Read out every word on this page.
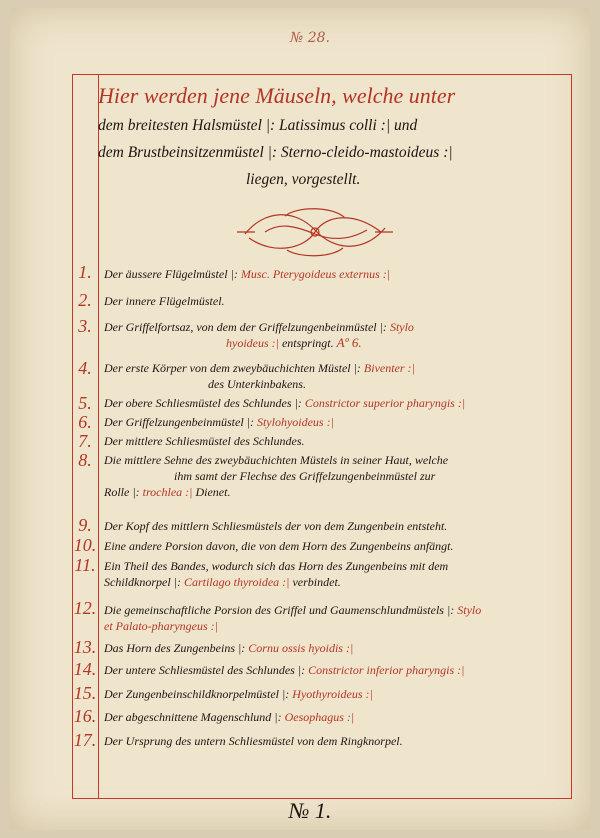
№ 28.
Hier werden jene Mäuseln, welche unter
dem breitesten Halsmüstel |: Latissimus colli :| und
dem Brustbeinsitzenmüstel |: Sterno-cleido-mastoideus :|
liegen, vorgestellt.
1.	Der äussere Flügelmüstel |: Musc. Pterygoideus externus :|
2.	Der innere Flügelmüstel.
3.	Der Griffelfortsaz, von dem der Griffelzungenbeinmüstel |: Stylo
hyoideus :| entspringt. Aº 6.
4.	Der erste Körper von dem zweybäuchichten Müstel |: Biventer :|
des Unterkinbakens.
5.	Der obere Schliesmüstel des Schlundes |: Constrictor superior pharyngis :|
6.	Der Griffelzungenbeinmüstel |: Stylohyoideus :|
7.	Der mittlere Schliesmüstel des Schlundes.
8.	Die mittlere Sehne des zweybäuchichten Müstels in seiner Haut, welche
ihm samt der Flechse des Griffelzungenbeinmüstel zur
Rolle |: trochlea :| Dienet.
9.	Der Kopf des mittlern Schliesmüstels der von dem Zungenbein entsteht.
10. Eine andere Porsion davon, die von dem Horn des Zungenbeins anfängt.
11. Ein Theil des Bandes, wodurch sich das Horn des Zungenbeins mit dem
Schildknorpel |: Cartilago thyroidea :| verbindet.
12. Die gemeinschaftliche Porsion des Griffel und Gaumenschlundmüstels |: Stylo
et Palato-pharyngeus :|
13. Das Horn des Zungenbeins |: Cornu ossis hyoidis :|
14. Der untere Schliesmüstel des Schlundes |: Constrictor inferior pharyngis :|
15. Der Zungenbeinschildknorpelmüstel |: Hyothyroideus :|
16. Der abgeschnittene Magenschlund |: Oesophagus :|
17. Der Ursprung des untern Schliesmüstel von dem Ringknorpel.
№ 1.
